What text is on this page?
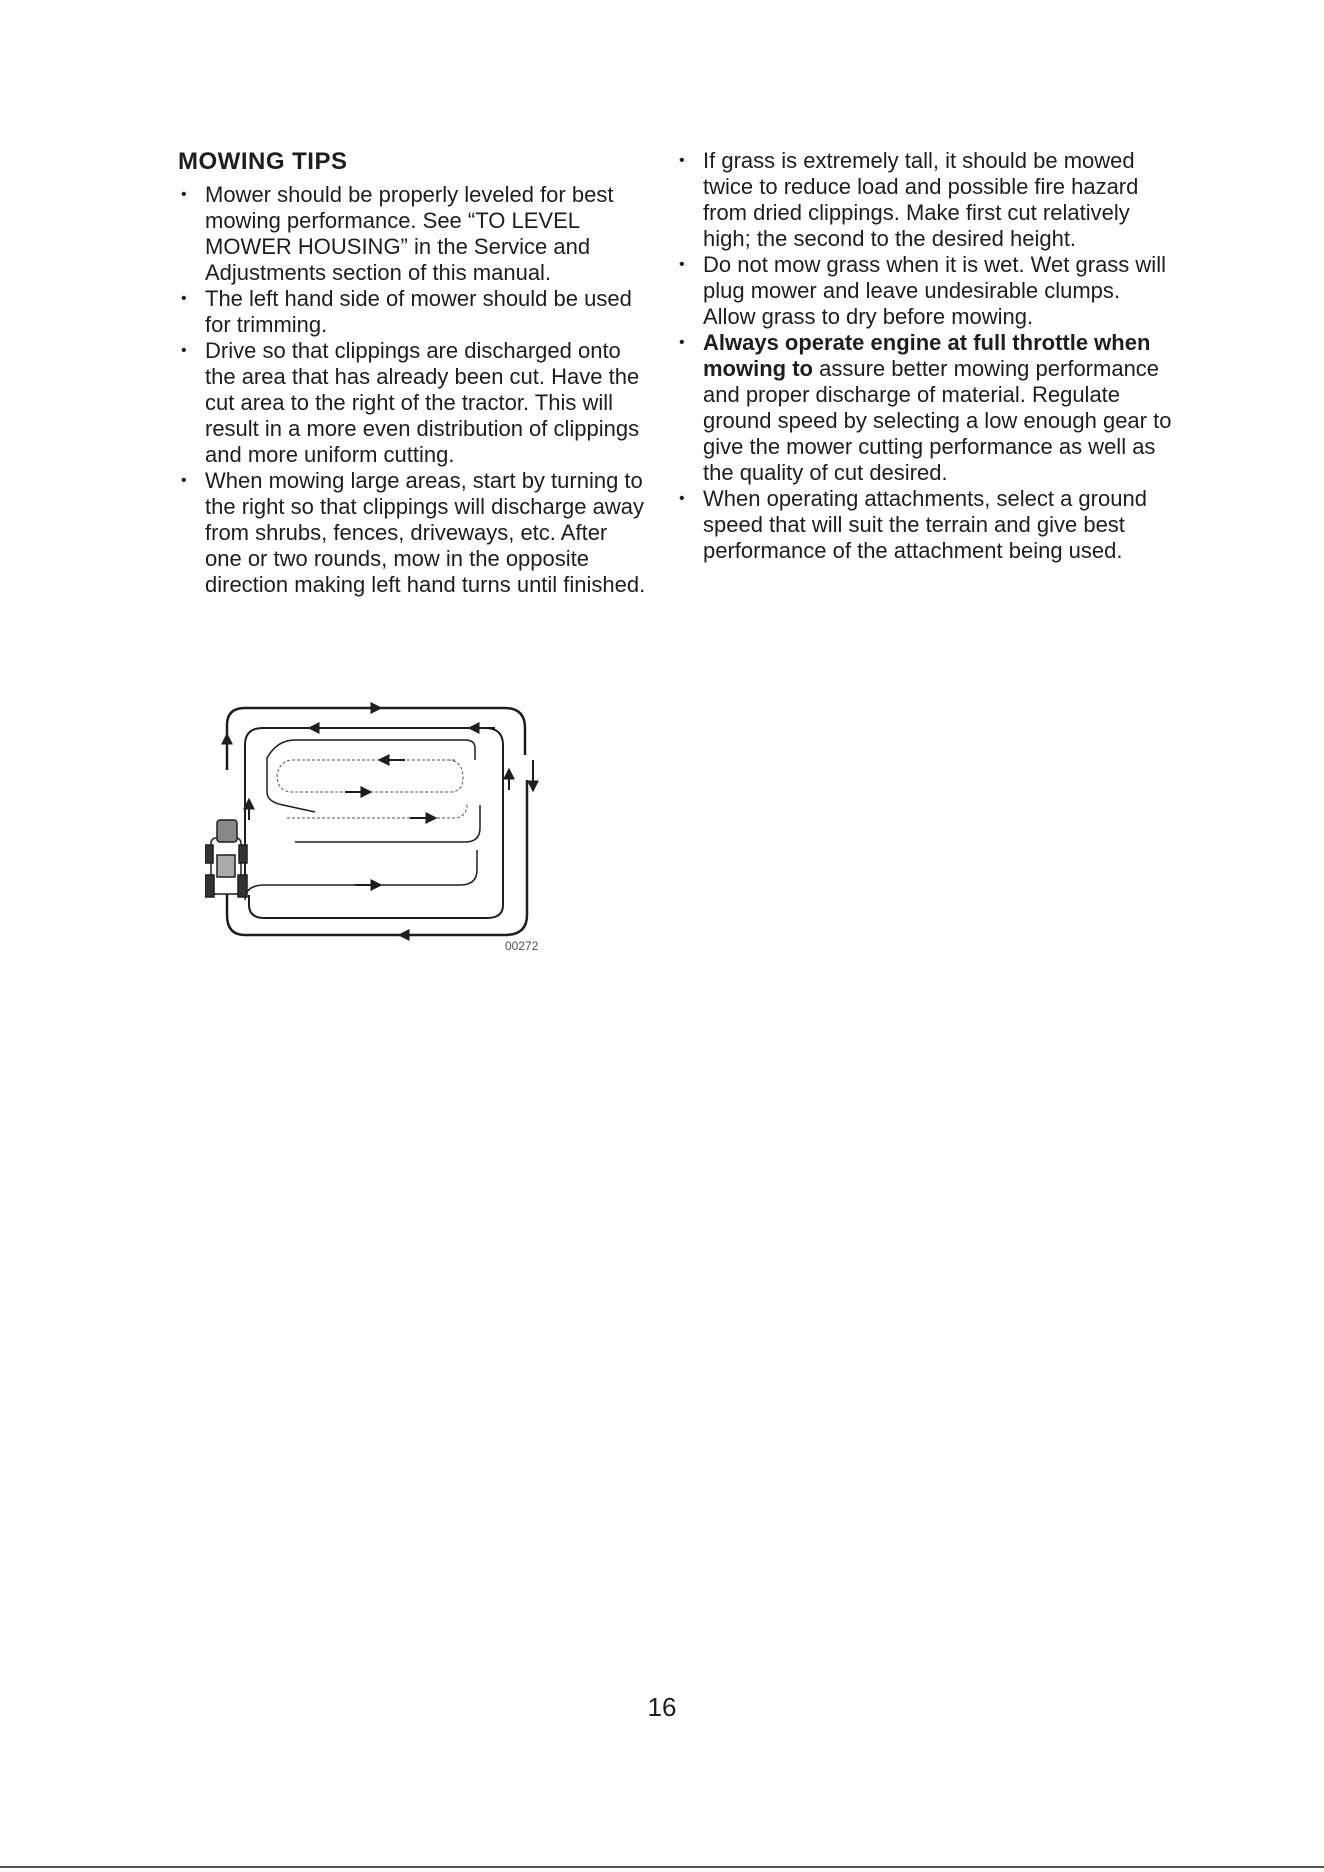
MOWING TIPS
• Mower should be properly leveled for best mowing performance. See “TO LEVEL MOWER HOUSING” in the Service and Adjustments section of this manual.
• The left hand side of mower should be used for trimming.
• Drive so that clippings are discharged onto the area that has already been cut. Have the cut area to the right of the tractor. This will result in a more even distribution of clippings and more uniform cutting.
• When mowing large areas, start by turning to the right so that clippings will discharge away from shrubs, fences, driveways, etc. After one or two rounds, mow in the opposite direction making left hand turns until finished.
• If grass is extremely tall, it should be mowed twice to reduce load and possible fire hazard from dried clippings. Make first cut relatively high; the second to the desired height.
• Do not mow grass when it is wet. Wet grass will plug mower and leave undesirable clumps. Allow grass to dry before mowing.
• Always operate engine at full throttle when mowing to assure better mowing performance and proper discharge of material. Regulate ground speed by selecting a low enough gear to give the mower cutting performance as well as the quality of cut desired.
• When operating attachments, select a ground speed that will suit the terrain and give best performance of the attachment being used.
00272
16
